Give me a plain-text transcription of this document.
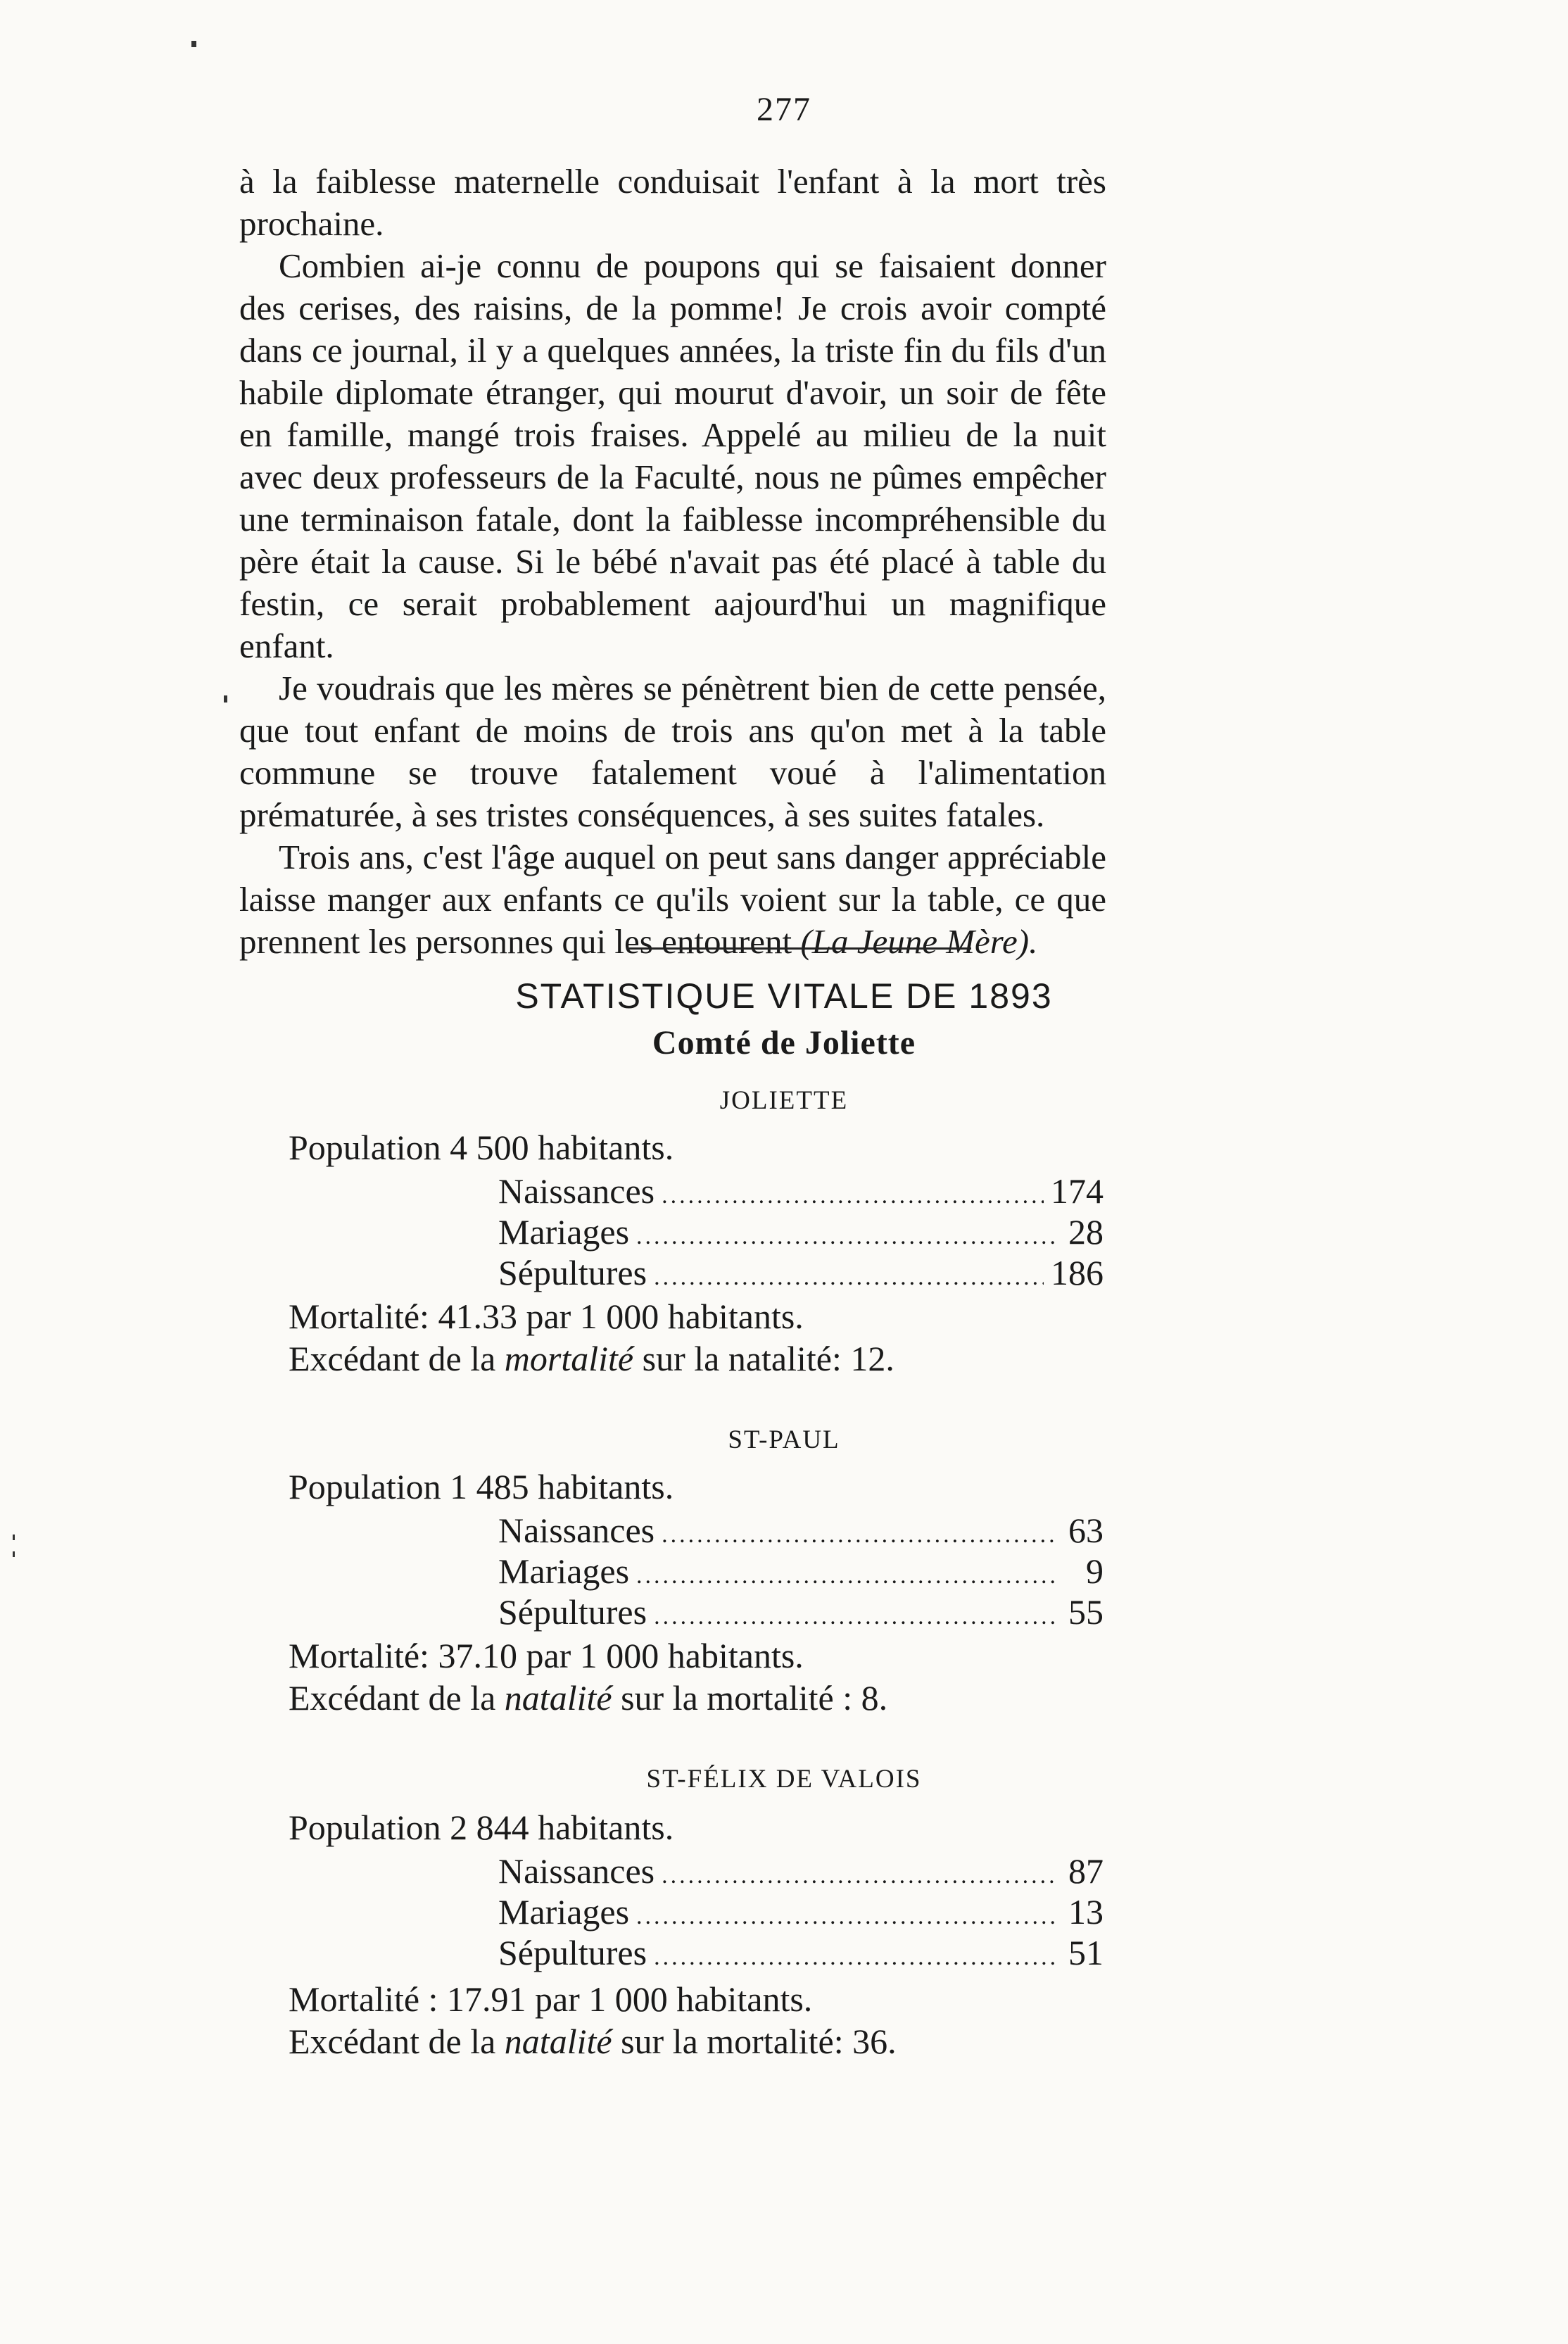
277

à la faiblesse maternelle conduisait l'enfant à la mort très prochaine.

Combien ai-je connu de poupons qui se faisaient donner des cerises, des raisins, de la pomme! Je crois avoir compté dans ce journal, il y a quelques années, la triste fin du fils d'un habile diplomate étranger, qui mourut d'avoir, un soir de fête en famille, mangé trois fraises. Appelé au milieu de la nuit avec deux professeurs de la Faculté, nous ne pûmes empêcher une terminaison fatale, dont la faiblesse incompréhensible du père était la cause. Si le bébé n'avait pas été placé à table du festin, ce serait probablement aajourd'hui un magnifique enfant.

Je voudrais que les mères se pénètrent bien de cette pensée, que tout enfant de moins de trois ans qu'on met à la table commune se trouve fatalement voué à l'alimentation prématurée, à ses tristes conséquences, à ses suites fatales.

Trois ans, c'est l'âge auquel on peut sans danger appréciable laisse manger aux enfants ce qu'ils voient sur la table, ce que prennent les personnes qui les entourent (La Jeune Mère).

STATISTIQUE VITALE DE 1893
Comté de Joliette
JOLIETTE
Population 4 500 habitants.
Naissances .....	174
Mariages .....	28
Sépultures .....	186
Mortalité: 41.33 par 1 000 habitants.
Excédant de la mortalité sur la natalité: 12.
ST-PAUL
Population 1 485 habitants.
Naissances .....	63
Mariages .....	9
Sépultures .....	55
Mortalité: 37.10 par 1 000 habitants.
Excédant de la natalité sur la mortalité : 8.
ST-FÉLIX DE VALOIS
Population 2 844 habitants.
Naissances .....	87
Mariages .....	13
Sépultures .....	51
Mortalité : 17.91 par 1 000 habitants.
Excédant de la natalité sur la mortalité: 36.
